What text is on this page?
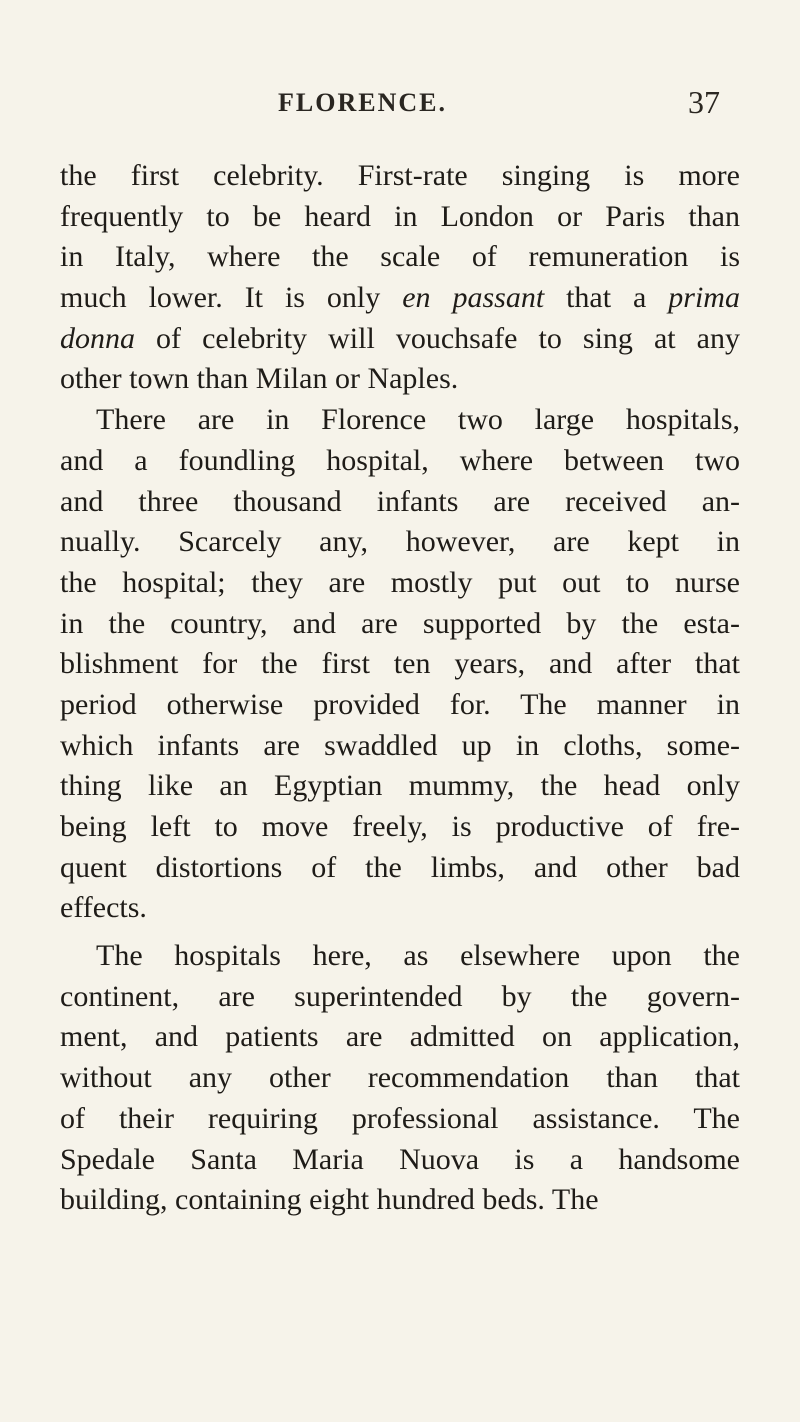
FLORENCE.	37
the first celebrity. First-rate singing is more
frequently to be heard in London or Paris than
in Italy, where the scale of remuneration is
much lower. It is only en passant that a prima
donna of celebrity will vouchsafe to sing at any
other town than Milan or Naples.
There are in Florence two large hospitals,
and a foundling hospital, where between two
and three thousand infants are received an-
nually. Scarcely any, however, are kept in
the hospital; they are mostly put out to nurse
in the country, and are supported by the esta-
blishment for the first ten years, and after that
period otherwise provided for. The manner in
which infants are swaddled up in cloths, some-
thing like an Egyptian mummy, the head only
being left to move freely, is productive of fre-
quent distortions of the limbs, and other bad
effects.
The hospitals here, as elsewhere upon the
continent, are superintended by the govern-
ment, and patients are admitted on application,
without any other recommendation than that
of their requiring professional assistance. The
Spedale Santa Maria Nuova is a handsome
building, containing eight hundred beds. The
